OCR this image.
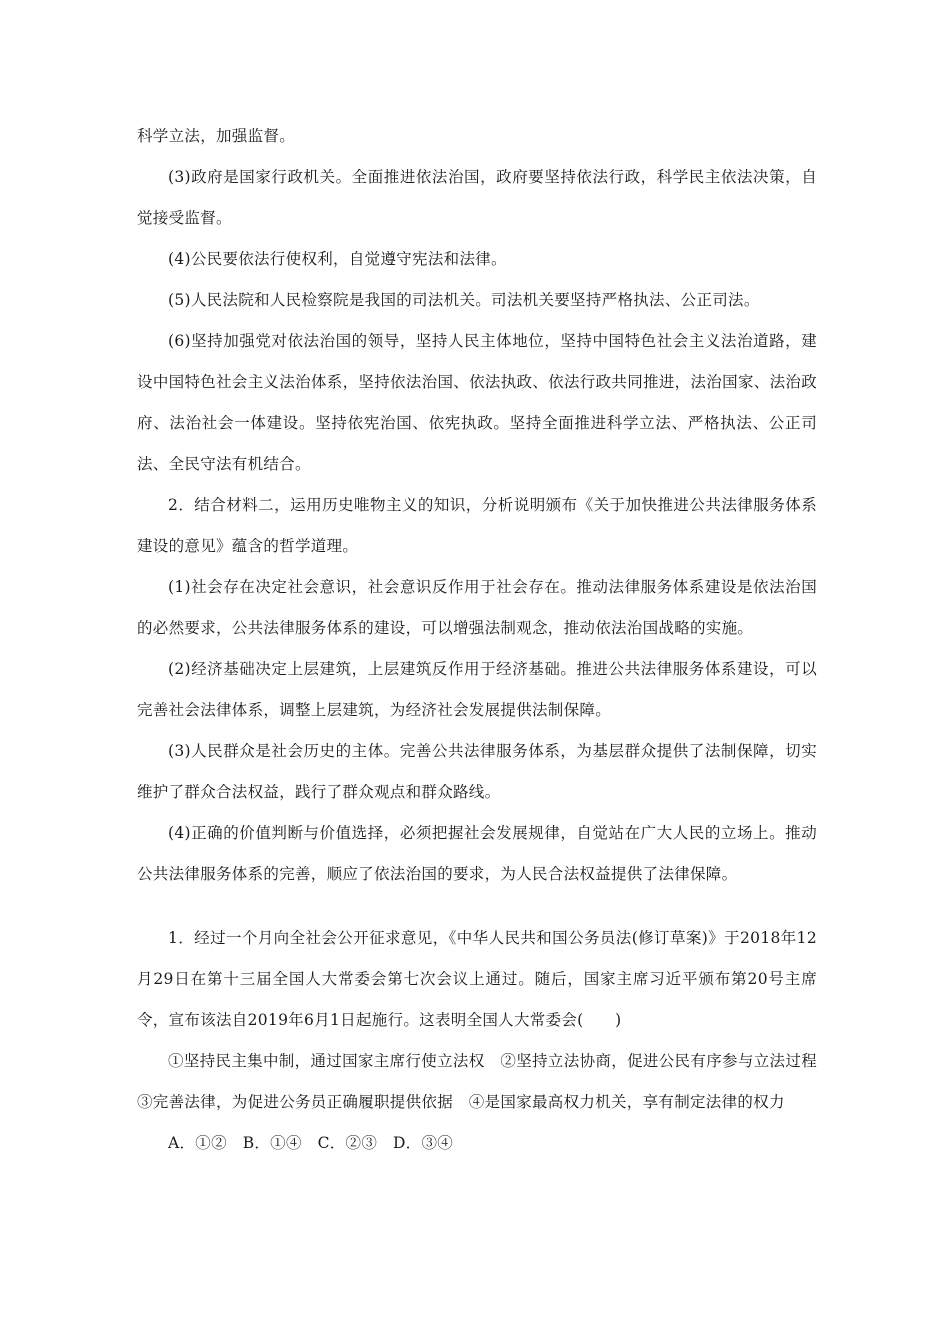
科学立法，加强监督。

(3)政府是国家行政机关。全面推进依法治国，政府要坚持依法行政，科学民主依法决策，自觉接受监督。

(4)公民要依法行使权利，自觉遵守宪法和法律。

(5)人民法院和人民检察院是我国的司法机关。司法机关要坚持严格执法、公正司法。

(6)坚持加强党对依法治国的领导，坚持人民主体地位，坚持中国特色社会主义法治道路，建设中国特色社会主义法治体系，坚持依法治国、依法执政、依法行政共同推进，法治国家、法治政府、法治社会一体建设。坚持依宪治国、依宪执政。坚持全面推进科学立法、严格执法、公正司法、全民守法有机结合。

2．结合材料二，运用历史唯物主义的知识，分析说明颁布《关于加快推进公共法律服务体系建设的意见》蕴含的哲学道理。

(1)社会存在决定社会意识，社会意识反作用于社会存在。推动法律服务体系建设是依法治国的必然要求，公共法律服务体系的建设，可以增强法制观念，推动依法治国战略的实施。

(2)经济基础决定上层建筑，上层建筑反作用于经济基础。推进公共法律服务体系建设，可以完善社会法律体系，调整上层建筑，为经济社会发展提供法制保障。

(3)人民群众是社会历史的主体。完善公共法律服务体系，为基层群众提供了法制保障，切实维护了群众合法权益，践行了群众观点和群众路线。

(4)正确的价值判断与价值选择，必须把握社会发展规律，自觉站在广大人民的立场上。推动公共法律服务体系的完善，顺应了依法治国的要求，为人民合法权益提供了法律保障。

1．经过一个月向全社会公开征求意见，《中华人民共和国公务员法(修订草案)》于2018年12月29日在第十三届全国人大常委会第七次会议上通过。随后，国家主席习近平颁布第20号主席令，宣布该法自2019年6月1日起施行。这表明全国人大常委会(　　)

①坚持民主集中制，通过国家主席行使立法权　②坚持立法协商，促进公民有序参与立法过程　③完善法律，为促进公务员正确履职提供依据　④是国家最高权力机关，享有制定法律的权力

A．①②　B．①④　C．②③　D．③④
